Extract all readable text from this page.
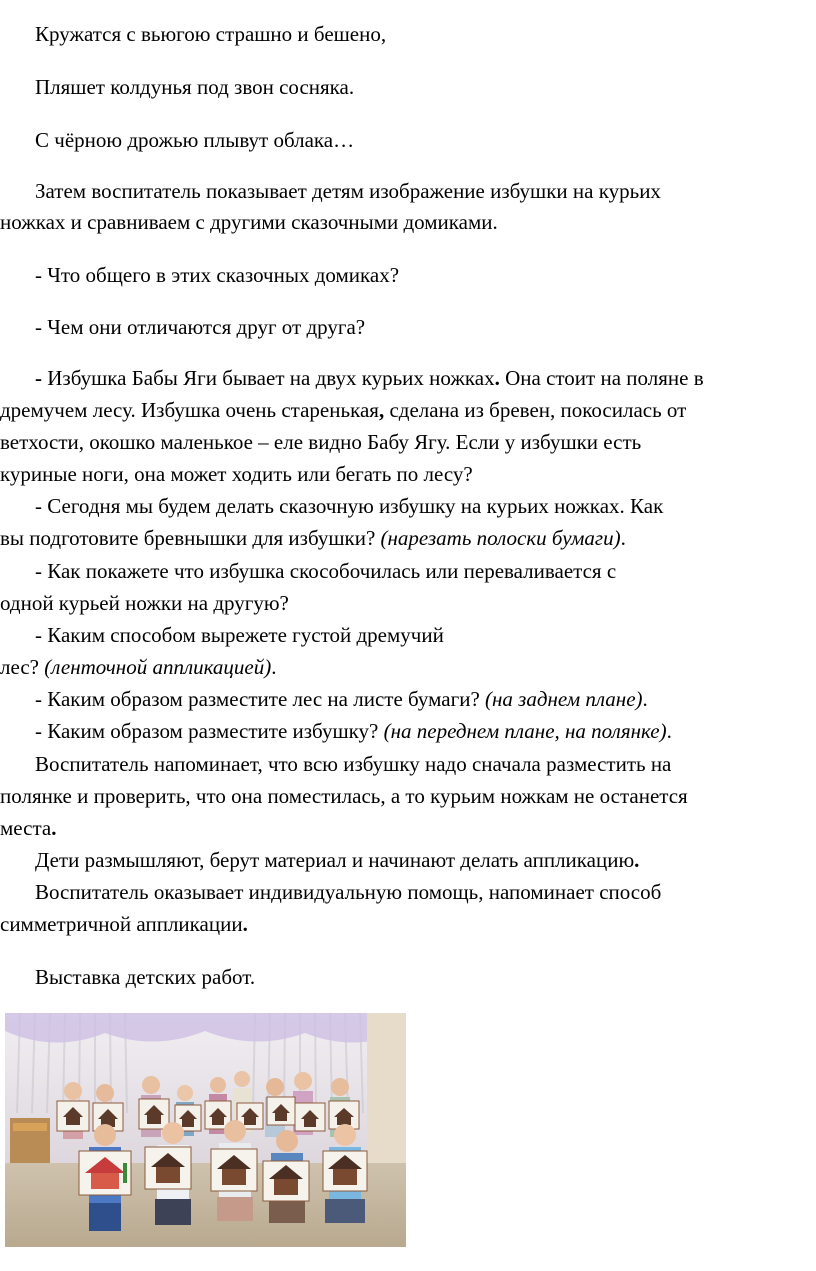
Кружатся с вьюгою страшно и бешено,
Пляшет колдунья под звон сосняка.
С чёрною дрожью плывут облака…
Затем воспитатель показывает детям изображение избушки на курьих
ножках и сравниваем с другими сказочными домиками.
- Что общего в этих сказочных домиках?
- Чем они отличаются друг от друга?
- Избушка Бабы Яги бывает на двух курьих ножках. Она стоит на поляне в
дремучем лесу. Избушка очень старенькая, сделана из бревен, покосилась от
ветхости, окошко маленькое – еле видно Бабу Ягу. Если у избушки есть
куриные ноги, она может ходить или бегать по лесу?
- Сегодня мы будем делать сказочную избушку на курьих ножках. Как
вы подготовите бревнышки для избушки? (нарезать полоски бумаги).
- Как покажете что избушка скособочилась или переваливается с
одной курьей ножки на другую?
- Каким способом вырежете густой дремучий
лес? (ленточной аппликацией).
- Каким образом разместите лес на листе бумаги? (на заднем плане).
- Каким образом разместите избушку? (на переднем плане, на полянке).
Воспитатель напоминает, что всю избушку надо сначала разместить на
полянке и проверить, что она поместилась, а то курьим ножкам не останется
места.
Дети размышляют, берут материал и начинают делать аппликацию.
Воспитатель оказывает индивидуальную помощь, напоминает способ
симметричной аппликации.
Выставка детских работ.
